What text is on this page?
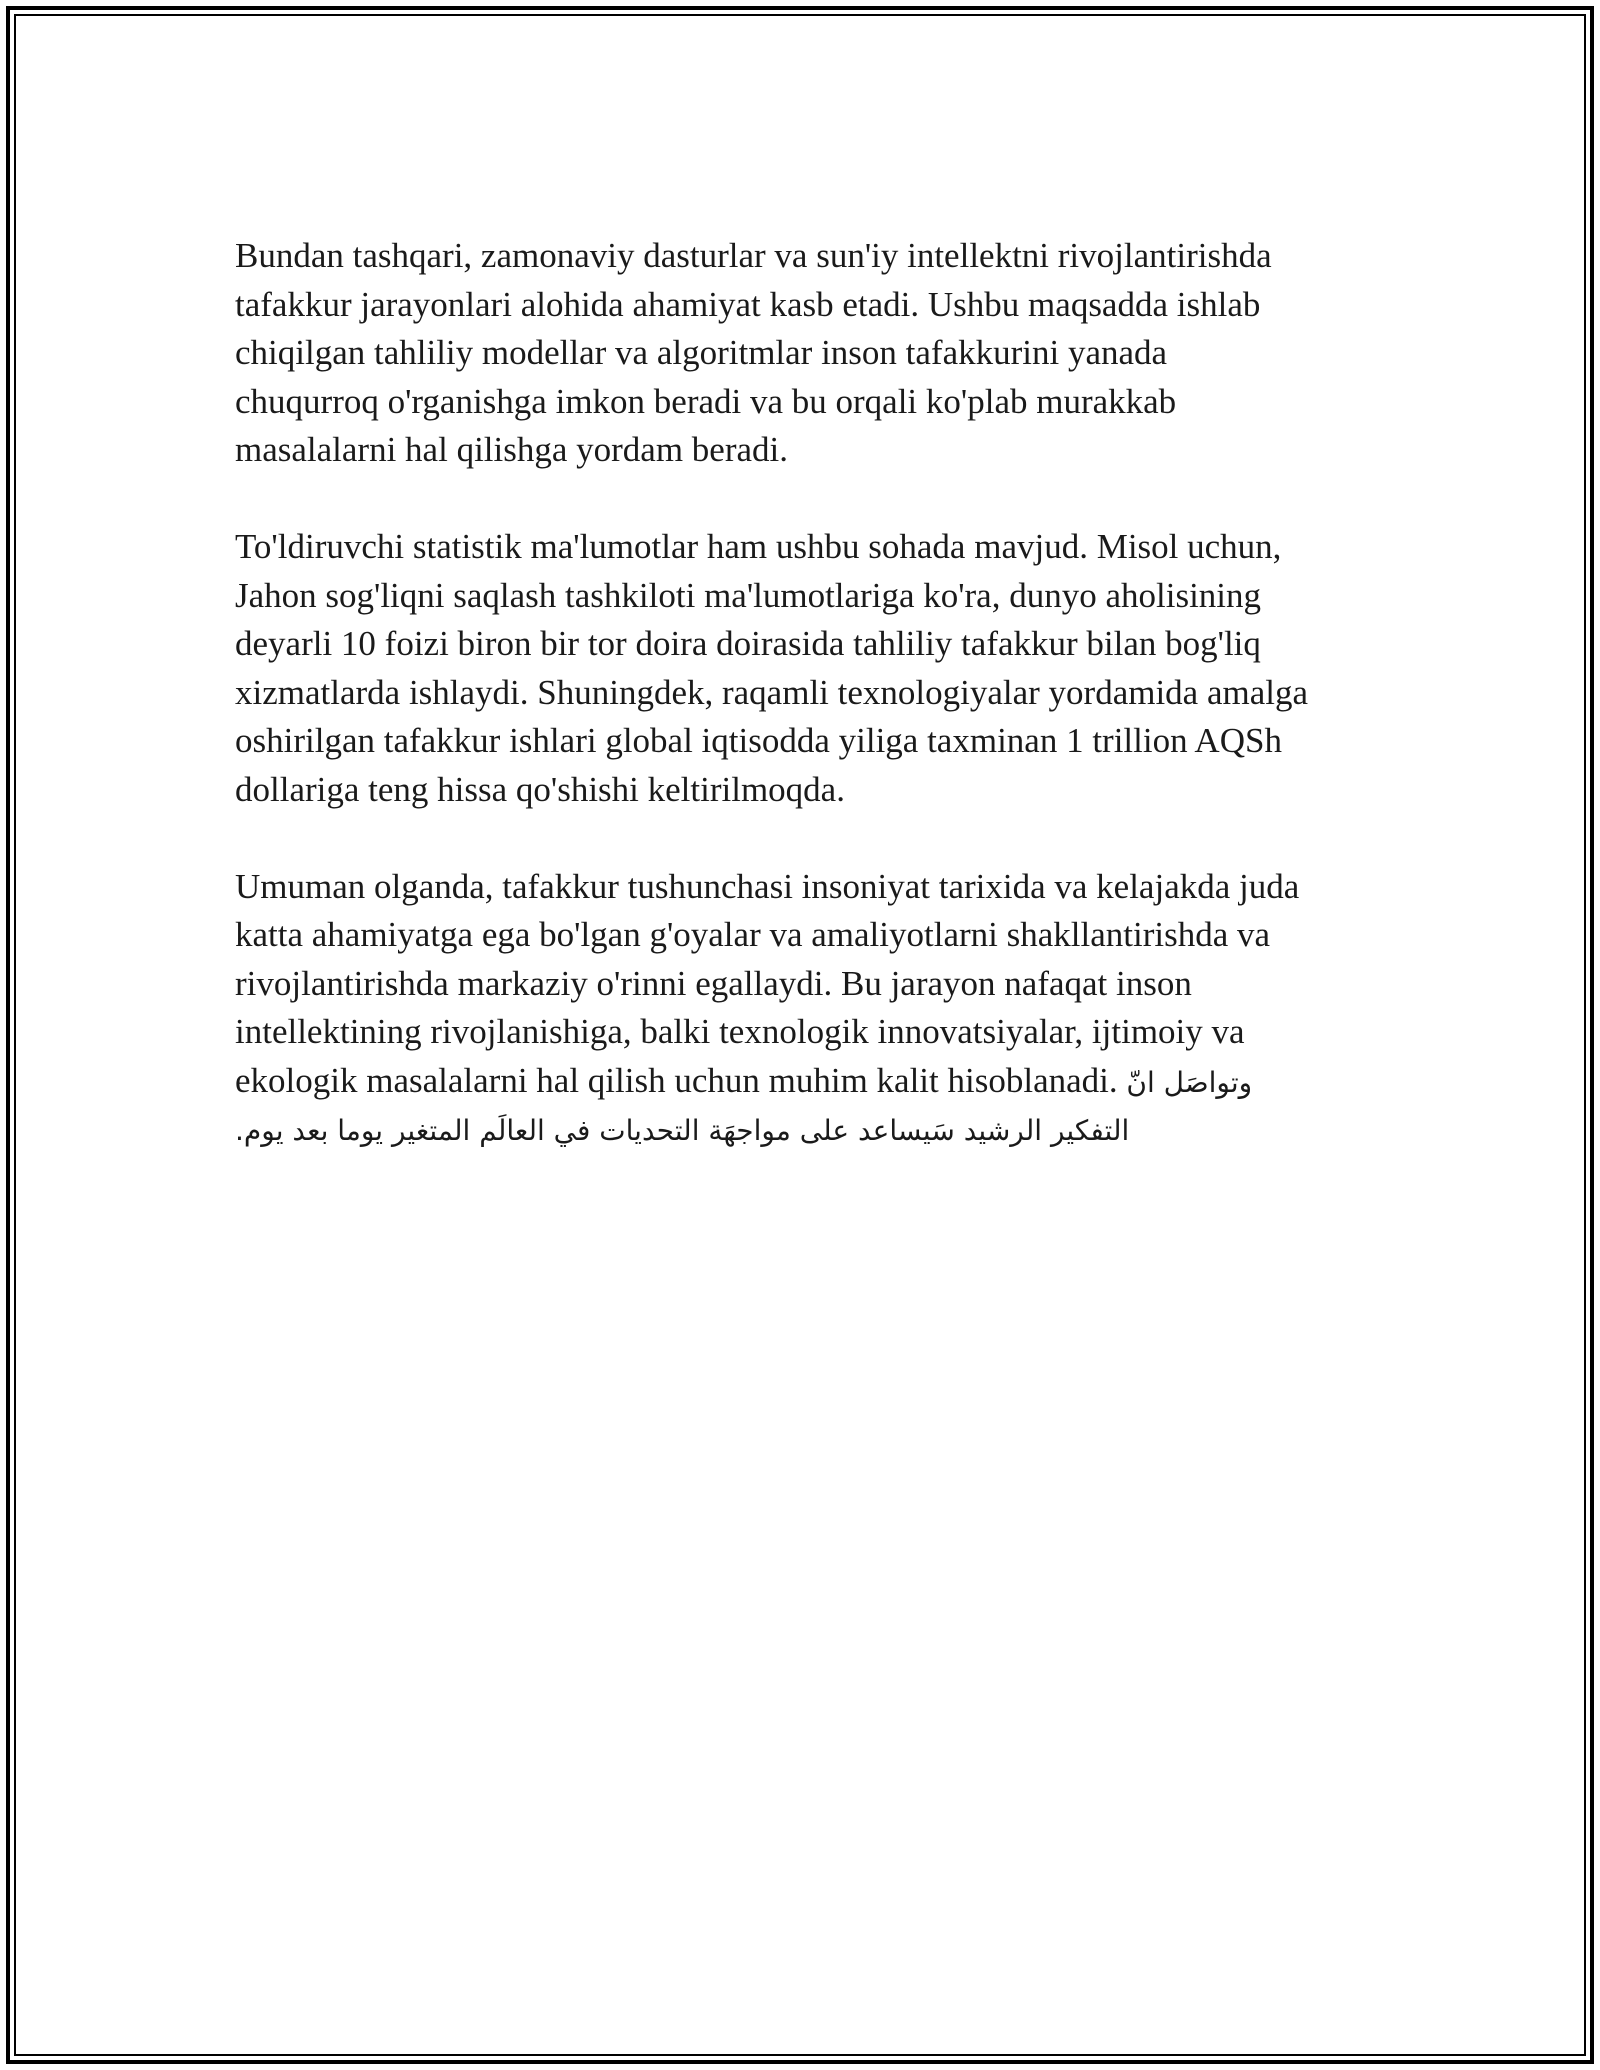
Bundan tashqari, zamonaviy dasturlar va sun'iy intellektni rivojlantirishda
tafakkur jarayonlari alohida ahamiyat kasb etadi. Ushbu maqsadda ishlab
chiqilgan tahliliy modellar va algoritmlar inson tafakkurini yanada
chuqurroq o'rganishga imkon beradi va bu orqali ko'plab murakkab
masalalarni hal qilishga yordam beradi.

To'ldiruvchi statistik ma'lumotlar ham ushbu sohada mavjud. Misol uchun,
Jahon sog'liqni saqlash tashkiloti ma'lumotlariga ko'ra, dunyo aholisining
deyarli 10 foizi biron bir tor doira doirasida tahliliy tafakkur bilan bog'liq
xizmatlarda ishlaydi. Shuningdek, raqamli texnologiyalar yordamida amalga
oshirilgan tafakkur ishlari global iqtisodda yiliga taxminan 1 trillion AQSh
dollariga teng hissa qo'shishi keltirilmoqda.

Umuman olganda, tafakkur tushunchasi insoniyat tarixida va kelajakda juda
katta ahamiyatga ega bo'lgan g'oyalar va amaliyotlarni shakllantirishda va
rivojlantirishda markaziy o'rinni egallaydi. Bu jarayon nafaqat inson
intellektining rivojlanishiga, balki texnologik innovatsiyalar, ijtimoiy va
ekologik masalalarni hal qilish uchun muhim kalit hisoblanadi. وتواصَل انّ
التفكير الرشيد سَيساعد على مواجهَة التحديات في العالَم المتغير يوما بعد يوم.
